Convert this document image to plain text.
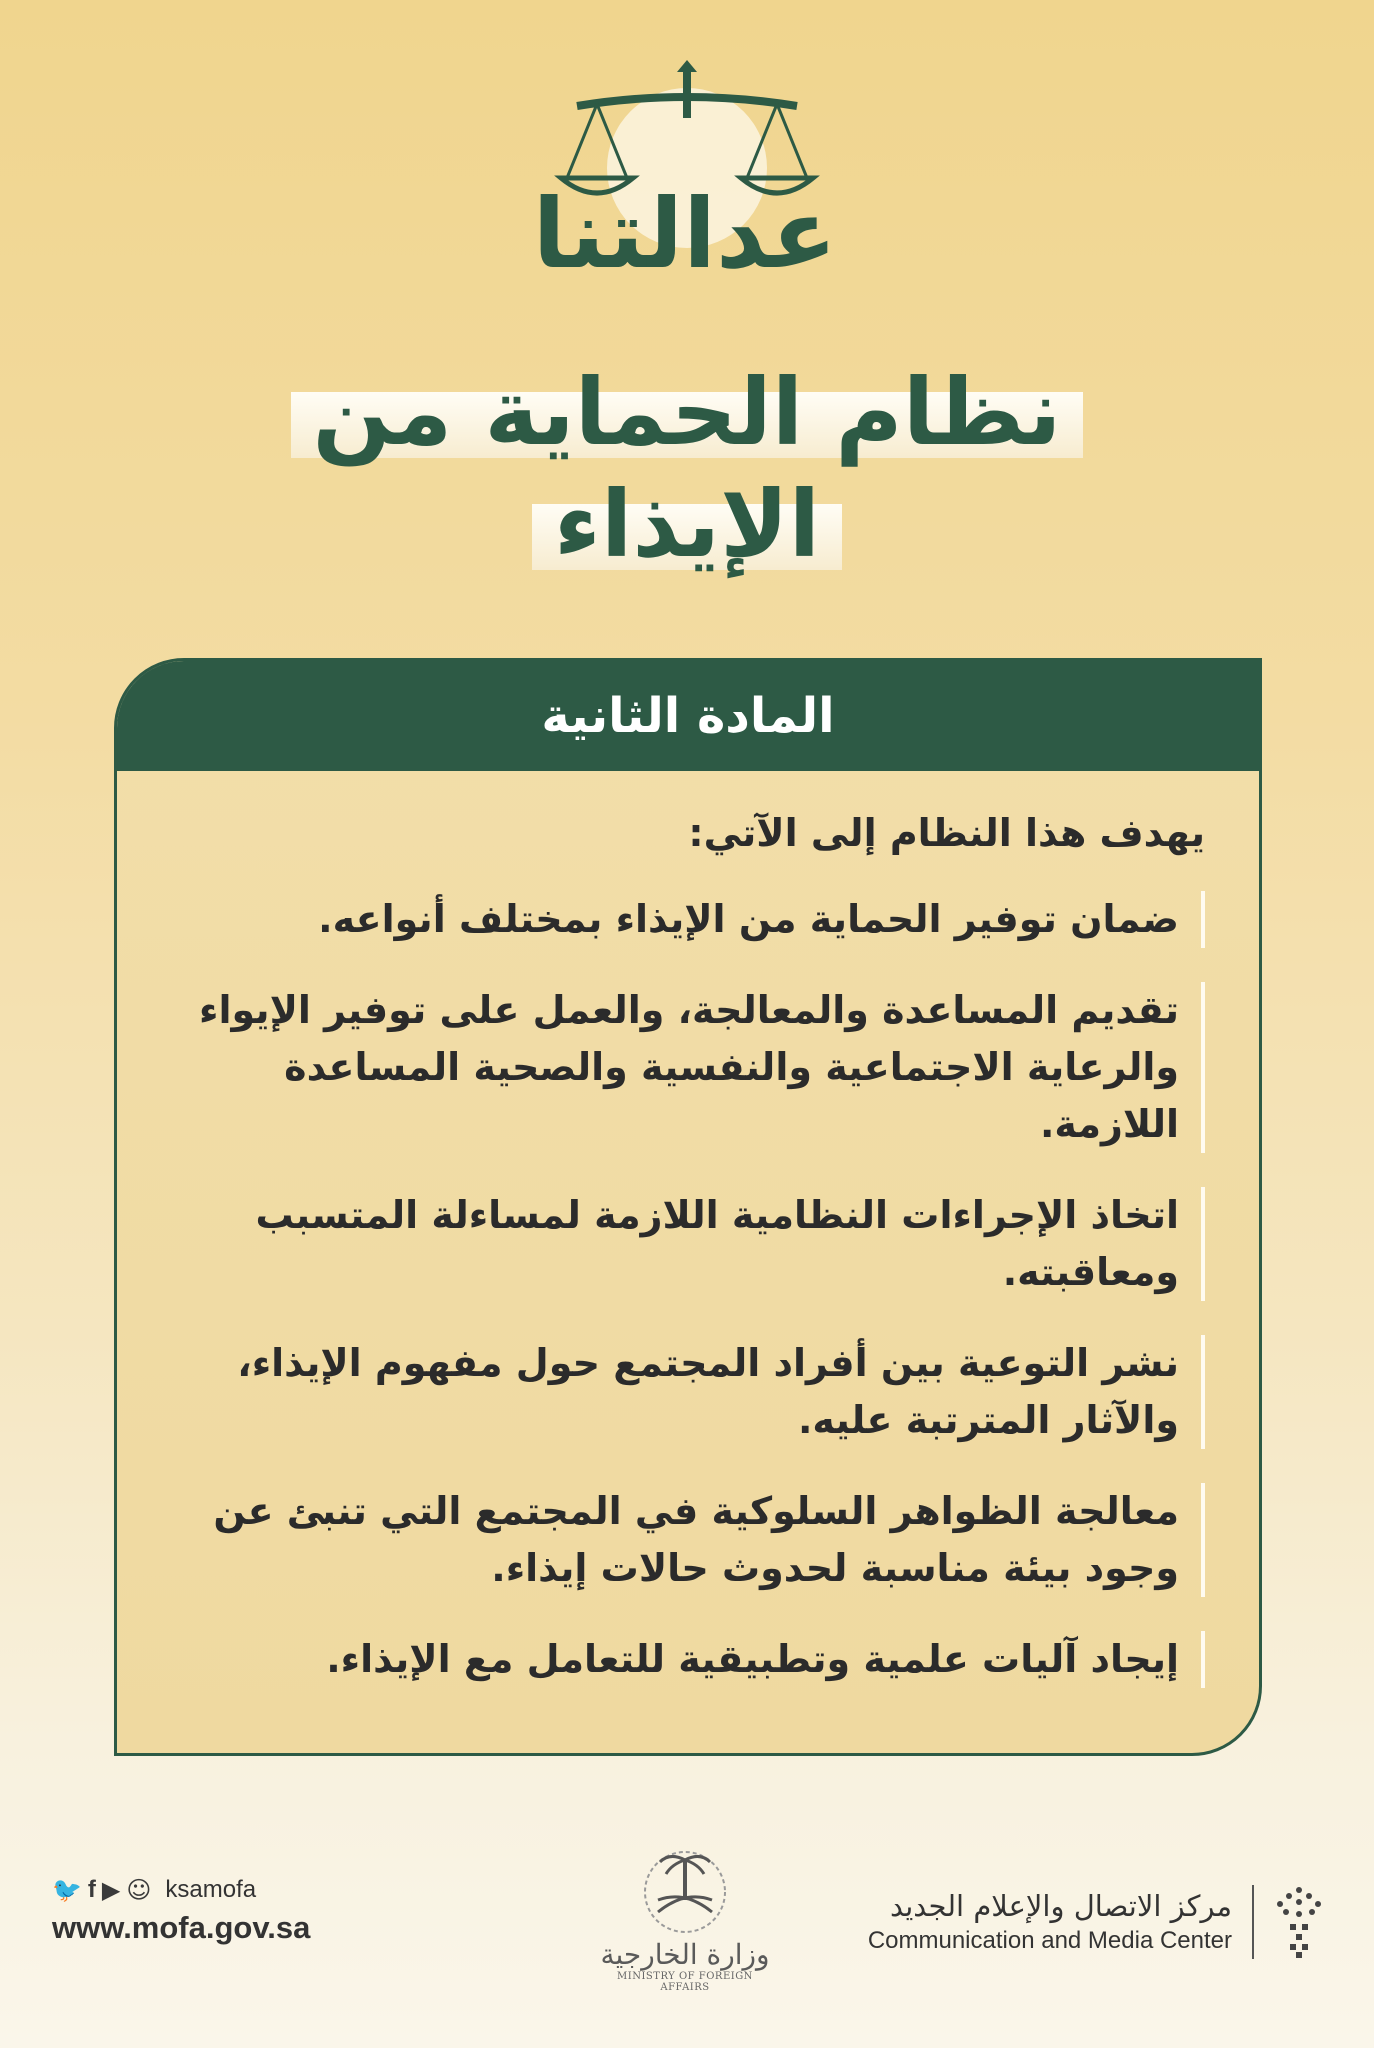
عدالتنا
نظام الحماية من
الإيذاء
المادة الثانية
يهدف هذا النظام إلى الآتي:
ضمان توفير الحماية من الإيذاء بمختلف أنواعه.
تقديم المساعدة والمعالجة، والعمل على توفير الإيواء والرعاية الاجتماعية والنفسية والصحية المساعدة اللازمة.
اتخاذ الإجراءات النظامية اللازمة لمساءلة المتسبب ومعاقبته.
نشر التوعية بين أفراد المجتمع حول مفهوم الإيذاء، والآثار المترتبة عليه.
معالجة الظواهر السلوكية في المجتمع التي تنبئ عن وجود بيئة مناسبة لحدوث حالات إيذاء.
إيجاد آليات علمية وتطبيقية للتعامل مع الإيذاء.
🐦 f ▶ ☺ ksamofa
www.mofa.gov.sa
وزارة الخارجية
MINISTRY OF FOREIGN AFFAIRS
مركز الاتصال والإعلام الجديد
Communication and Media Center
